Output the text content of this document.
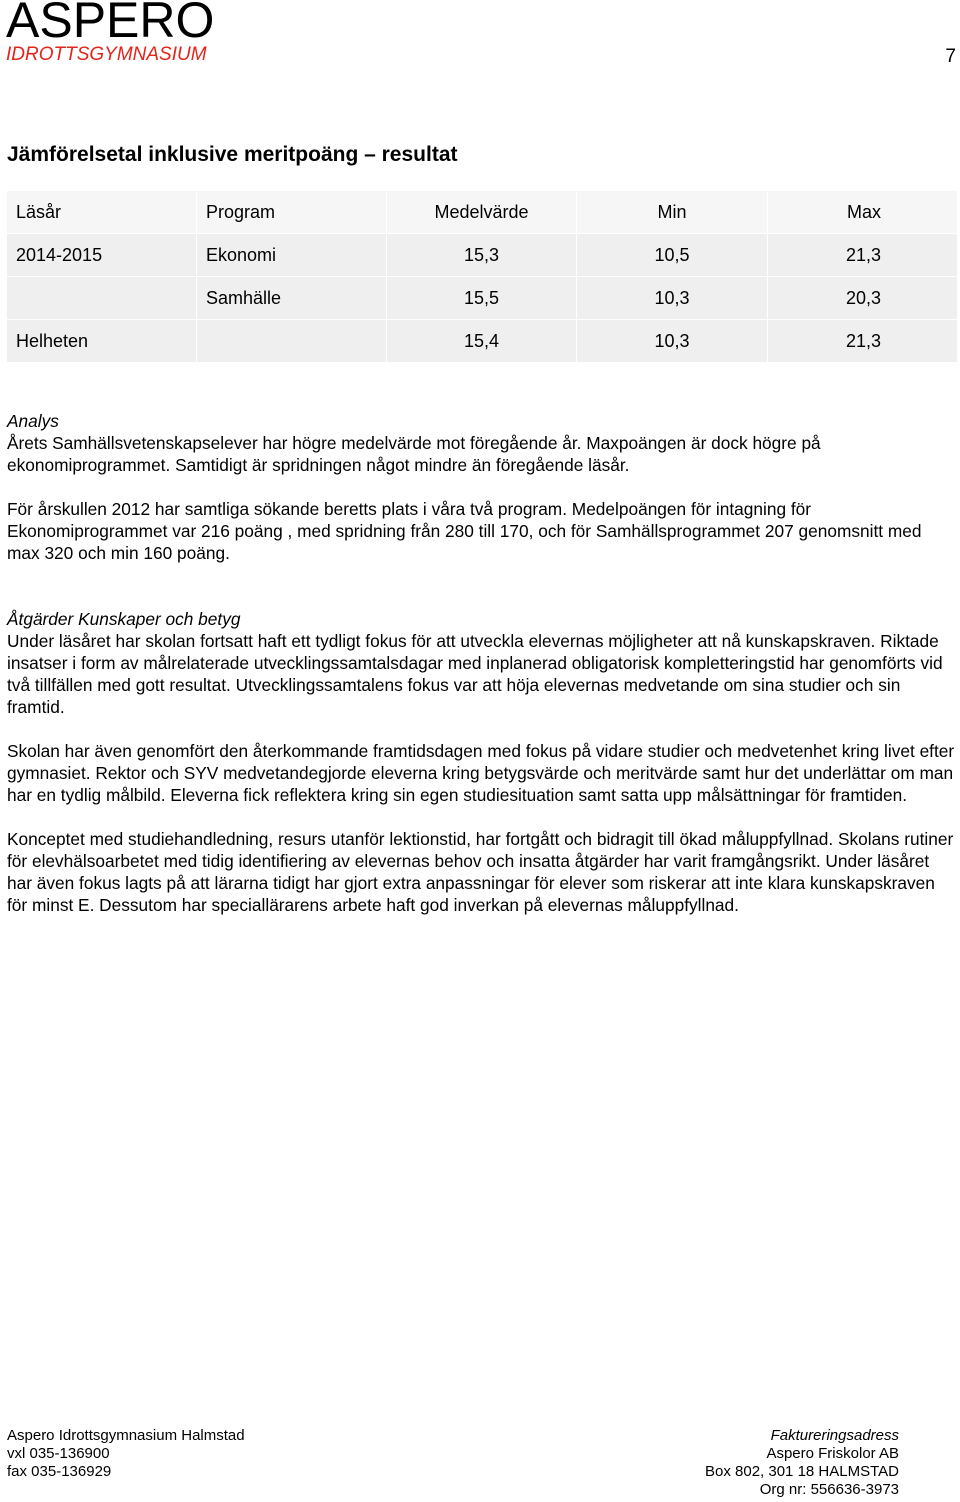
ASPERO
IDROTTSGYMNASIUM	7
Jämförelsetal inklusive meritpoäng – resultat
Läsår	Program	Medelvärde	Min	Max
2014-2015	Ekonomi	15,3	10,5	21,3
	Samhälle	15,5	10,3	20,3
Helheten		15,4	10,3	21,3

Analys

Årets Samhällsvetenskapselever har högre medelvärde mot föregående år. Maxpoängen är dock högre på ekonomiprogrammet. Samtidigt är spridningen något mindre än föregående läsår.

För årskullen 2012 har samtliga sökande beretts plats i våra två program. Medelpoängen för intagning för Ekonomiprogrammet var 216 poäng , med spridning från 280 till 170, och för Samhällsprogrammet 207 genomsnitt med max 320 och min 160 poäng.

Åtgärder Kunskaper och betyg

Under läsåret har skolan fortsatt haft ett tydligt fokus för att utveckla elevernas möjligheter att nå kunskapskraven. Riktade insatser i form av målrelaterade utvecklingssamtalsdagar med inplanerad obligatorisk kompletteringstid har genomförts vid två tillfällen med gott resultat. Utvecklingssamtalens fokus var att höja elevernas medvetande om sina studier och sin framtid.

Skolan har även genomfört den återkommande framtidsdagen med fokus på vidare studier och medvetenhet kring livet efter gymnasiet. Rektor och SYV medvetandegjorde eleverna kring betygsvärde och meritvärde samt hur det underlättar om man har en tydlig målbild. Eleverna fick reflektera kring sin egen studiesituation samt satta upp målsättningar för framtiden.

Konceptet med studiehandledning, resurs utanför lektionstid, har fortgått och bidragit till ökad måluppfyllnad. Skolans rutiner för elevhälsoarbetet med tidig identifiering av elevernas behov och insatta åtgärder har varit framgångsrikt. Under läsåret har även fokus lagts på att lärarna tidigt har gjort extra anpassningar för elever som riskerar att inte klara kunskapskraven för minst E. Dessutom har speciallärarens arbete haft god inverkan på elevernas måluppfyllnad.

Aspero Idrottsgymnasium Halmstad
vxl 035-136900
fax 035-136929
Faktureringsadress
Aspero Friskolor AB
Box 802, 301 18 HALMSTAD
Org nr: 556636-3973
